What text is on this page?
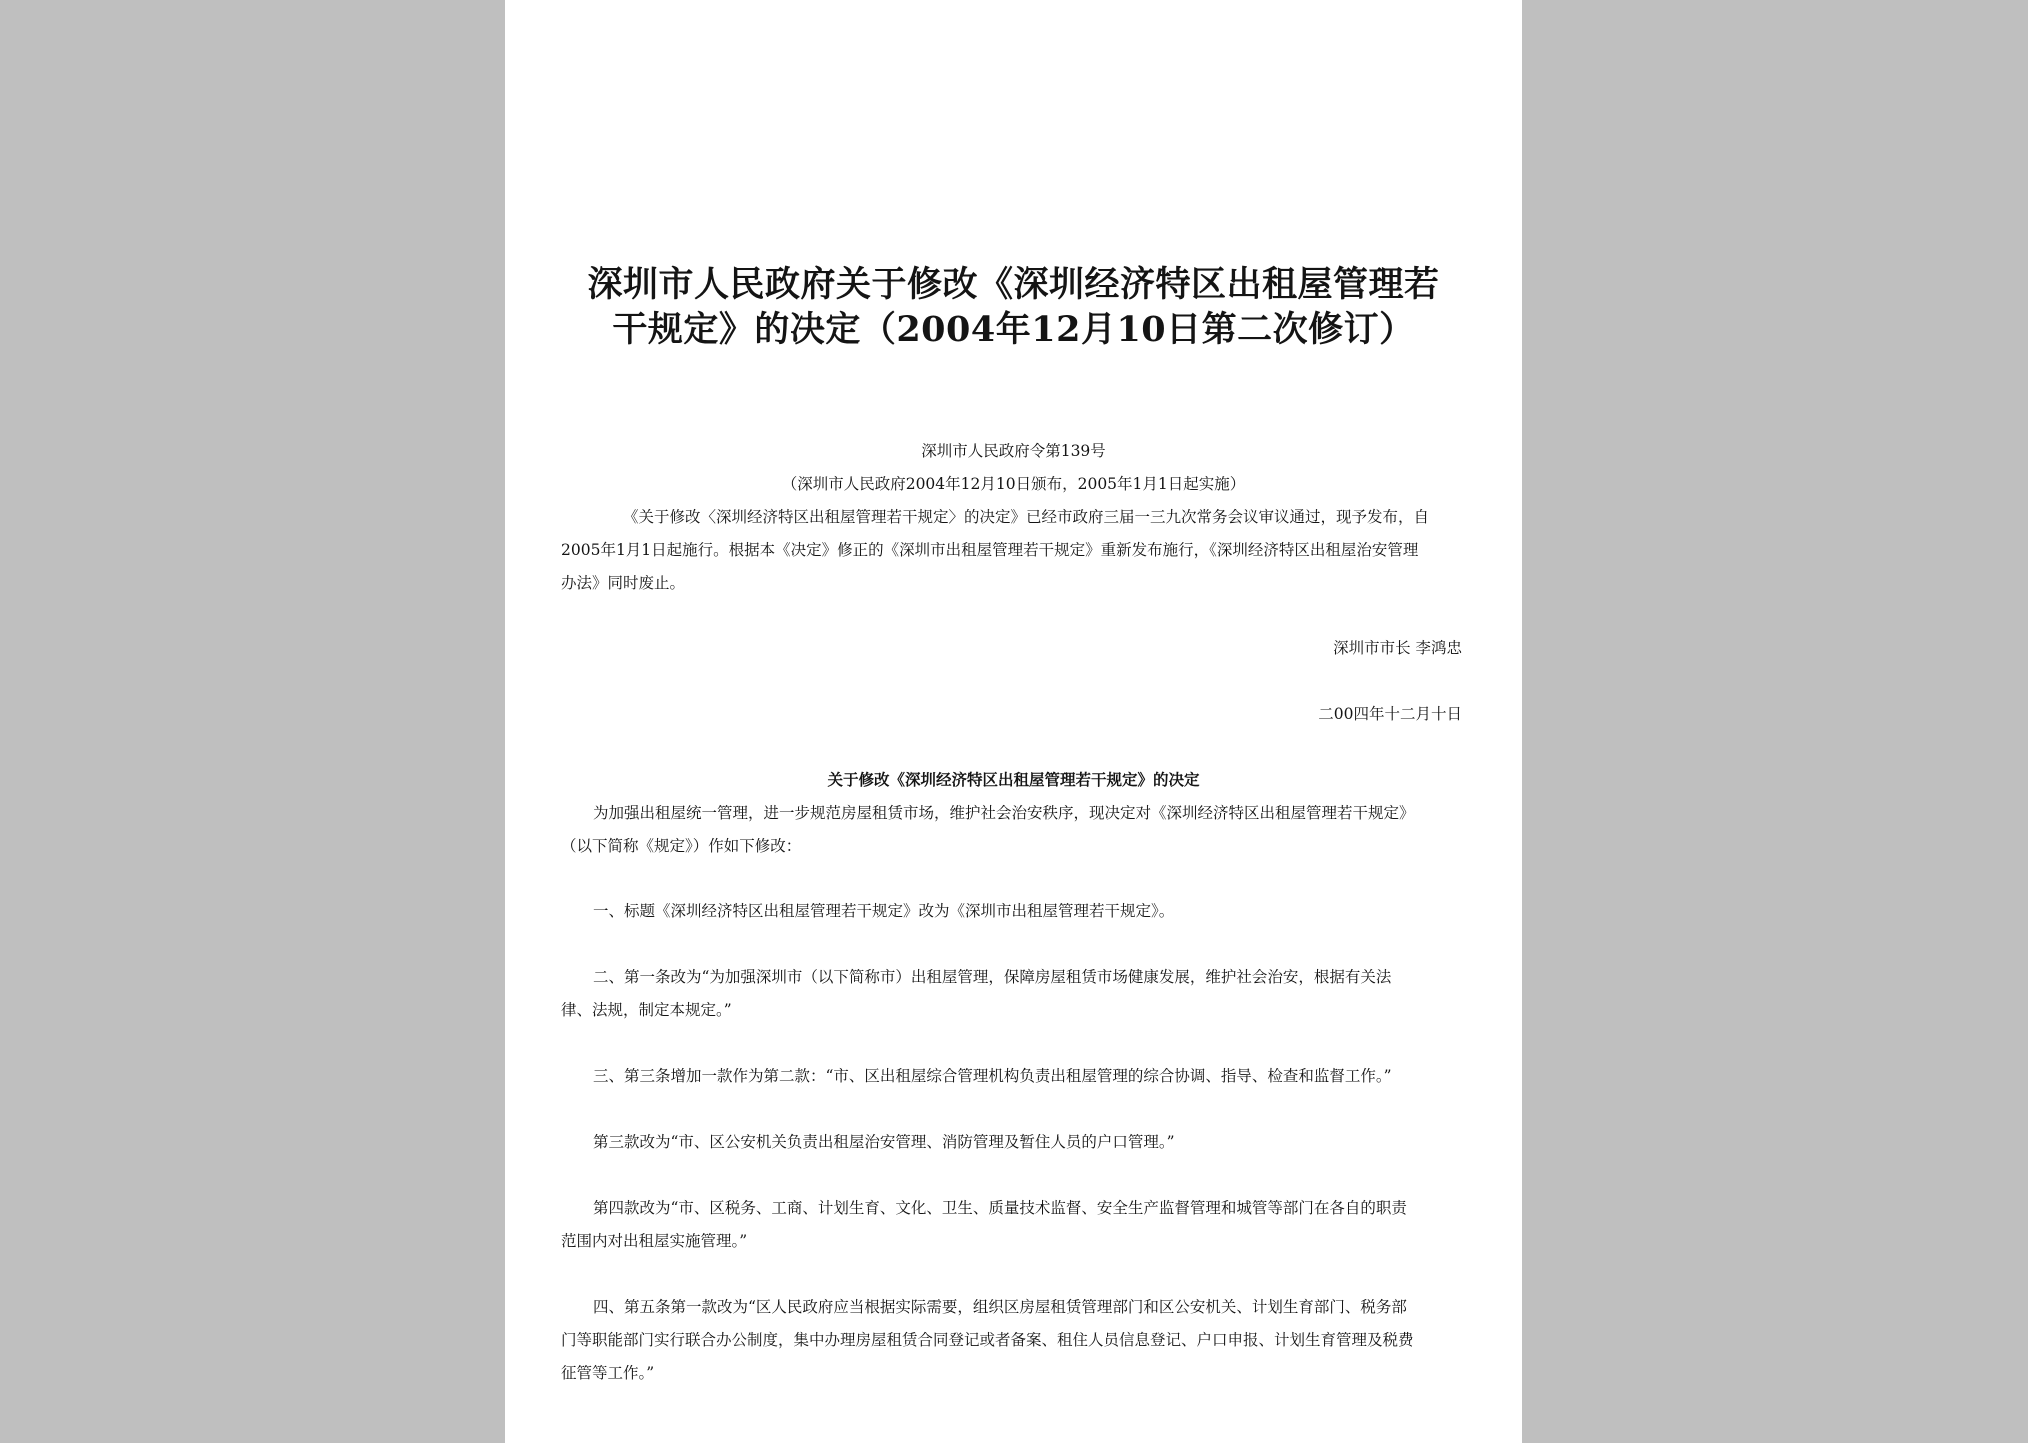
深圳市人民政府关于修改《深圳经济特区出租屋管理若
干规定》的决定（2004年12月10日第二次修订）

深圳市人民政府令第139号

（深圳市人民政府2004年12月10日颁布，2005年1月1日起实施）

《关于修改〈深圳经济特区出租屋管理若干规定〉的决定》已经市政府三届一三九次常务会议审议通过，现予发布，自

2005年1月1日起施行。根据本《决定》修正的《深圳市出租屋管理若干规定》重新发布施行，《深圳经济特区出租屋治安管理

办法》同时废止。

深圳市市长 李鸿忠

二00四年十二月十日

关于修改《深圳经济特区出租屋管理若干规定》的决定

为加强出租屋统一管理，进一步规范房屋租赁市场，维护社会治安秩序，现决定对《深圳经济特区出租屋管理若干规定》

（以下简称《规定》）作如下修改：

一、标题《深圳经济特区出租屋管理若干规定》改为《深圳市出租屋管理若干规定》。

二、第一条改为“为加强深圳市（以下简称市）出租屋管理，保障房屋租赁市场健康发展，维护社会治安，根据有关法

律、法规，制定本规定。”

三、第三条增加一款作为第二款：“市、区出租屋综合管理机构负责出租屋管理的综合协调、指导、检查和监督工作。”

第三款改为“市、区公安机关负责出租屋治安管理、消防管理及暂住人员的户口管理。”

第四款改为“市、区税务、工商、计划生育、文化、卫生、质量技术监督、安全生产监督管理和城管等部门在各自的职责

范围内对出租屋实施管理。”

四、第五条第一款改为“区人民政府应当根据实际需要，组织区房屋租赁管理部门和区公安机关、计划生育部门、税务部

门等职能部门实行联合办公制度，集中办理房屋租赁合同登记或者备案、租住人员信息登记、户口申报、计划生育管理及税费

征管等工作。”
